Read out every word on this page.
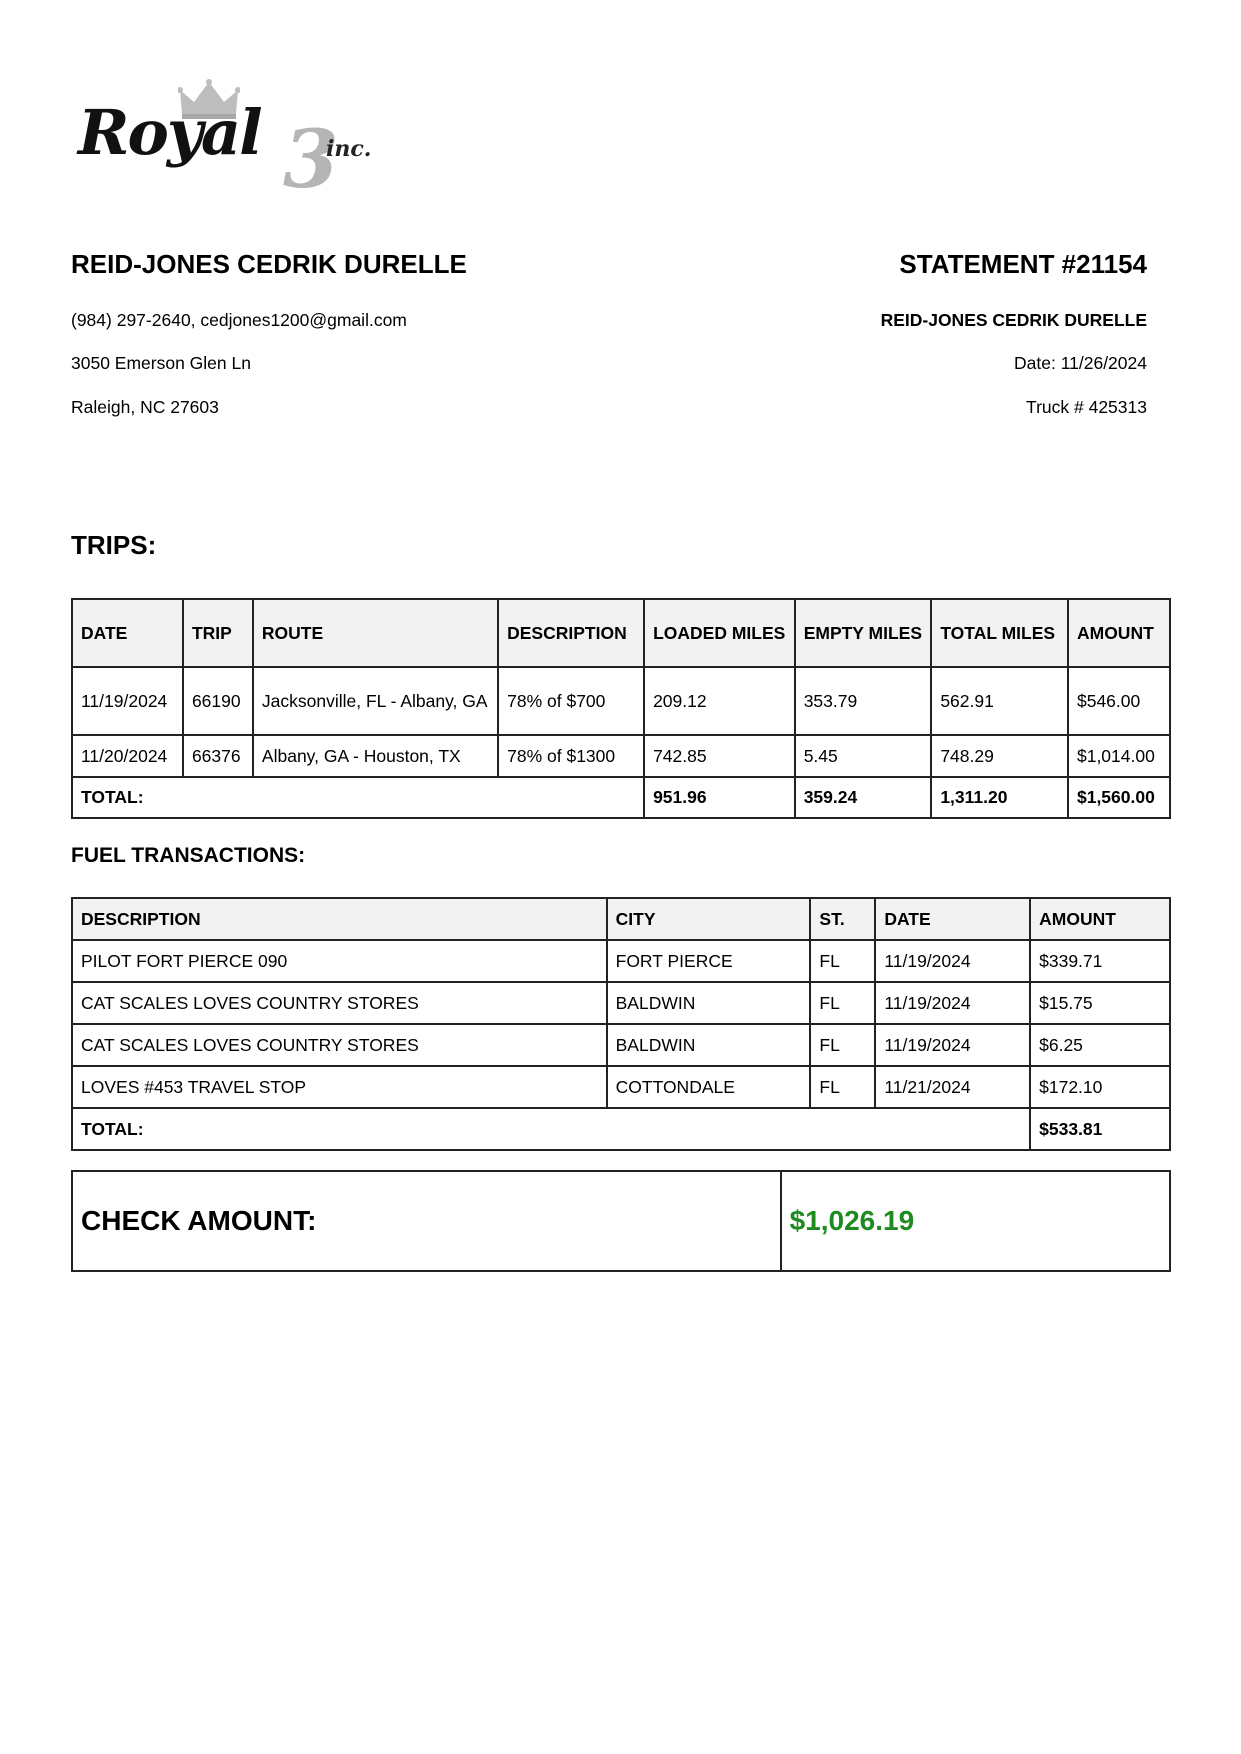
Royal 3
inc.
REID-JONES CEDRIK DURELLE
(984) 297-2640, cedjones1200@gmail.com
3050 Emerson Glen Ln
Raleigh, NC 27603
STATEMENT #21154
REID-JONES CEDRIK DURELLE
Date: 11/26/2024
Truck # 425313
TRIPS:
DATE	TRIP	ROUTE	DESCRIPTION	LOADED MILES	EMPTY MILES	TOTAL MILES	AMOUNT
11/19/2024	66190	Jacksonville, FL - Albany, GA	78% of $700	209.12	353.79	562.91	$546.00
11/20/2024	66376	Albany, GA - Houston, TX	78% of $1300	742.85	5.45	748.29	$1,014.00
TOTAL:				951.96	359.24	1,311.20	$1,560.00
FUEL TRANSACTIONS:
DESCRIPTION	CITY	ST.	DATE	AMOUNT
PILOT FORT PIERCE 090	FORT PIERCE	FL	11/19/2024	$339.71
CAT SCALES LOVES COUNTRY STORES	BALDWIN	FL	11/19/2024	$15.75
CAT SCALES LOVES COUNTRY STORES	BALDWIN	FL	11/19/2024	$6.25
LOVES #453 TRAVEL STOP	COTTONDALE	FL	11/21/2024	$172.10
TOTAL:				$533.81
CHECK AMOUNT:	$1,026.19
